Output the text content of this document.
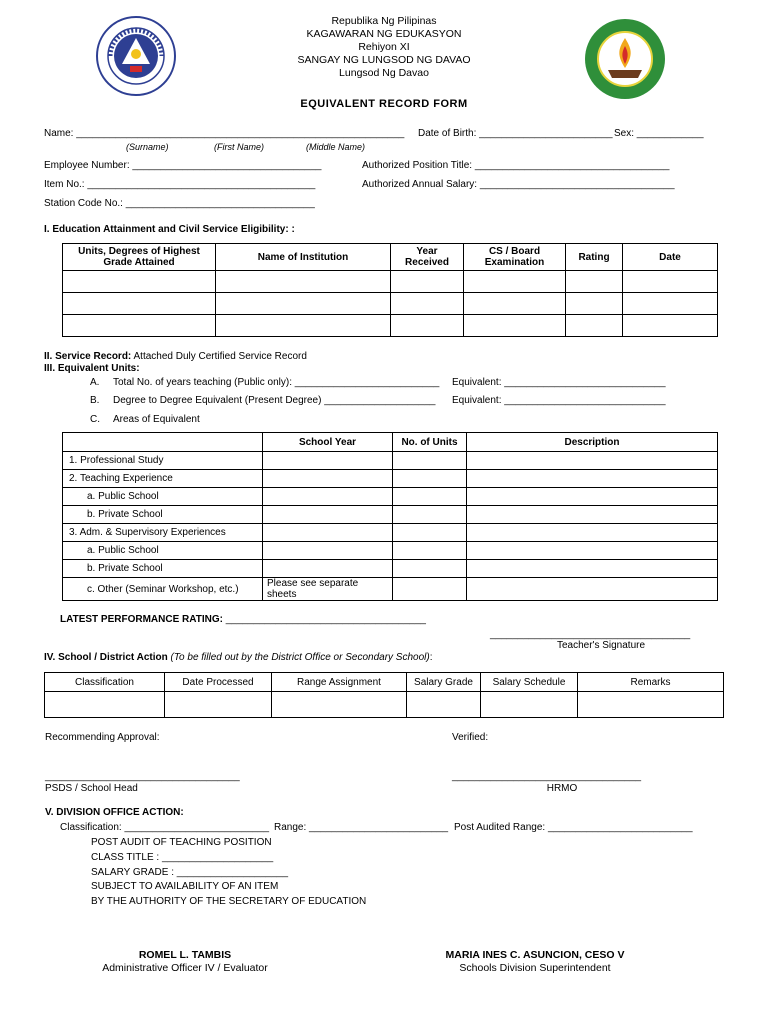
Republika Ng Pilipinas
KAGAWARAN NG EDUKASYON
Rehiyon XI
SANGAY NG LUNGSOD NG DAVAO
Lungsod Ng Davao
EQUIVALENT RECORD FORM
Name: ___________________________________________________________ Date of Birth: ________________________ Sex: ____________
(Surname)	(First Name)	(Middle Name)
Employee Number: __________________________________	Authorized Position Title: ___________________________________
Item No.: _________________________________________	Authorized Annual Salary: ___________________________________
Station Code No.: __________________________________
I. Education Attainment and Civil Service Eligibility: :
Units, Degrees of Highest Grade Attained	Name of Institution	Year Received	CS / Board Examination	Rating	Date

II. Service Record: Attached Duly Certified Service Record
III. Equivalent Units:
A. Total No. of years teaching (Public only): __________________________ Equivalent: _____________________________
B. Degree to Degree Equivalent (Present Degree) ____________________ Equivalent: _____________________________
C. Areas of Equivalent
	School Year	No. of Units	Description
1. Professional Study			
2. Teaching Experience			
a. Public School			
b. Private School			
3. Adm. & Supervisory Experiences			
a. Public School			
b. Private School			
c. Other (Seminar Workshop, etc.)	Please see separate sheets		
LATEST PERFORMANCE RATING: ____________________________________
____________________________________
Teacher's Signature
IV. School / District Action (To be filled out by the District Office or Secondary School):
Classification	Date Processed	Range Assignment	Salary Grade	Salary Schedule	Remarks

Recommending Approval:	Verified:
___________________________________	__________________________________
PSDS / School Head	HRMO
V. DIVISION OFFICE ACTION:
Classification: __________________________ Range: _________________________ Post Audited Range: __________________________
POST AUDIT OF TEACHING POSITION
CLASS TITLE : ____________________
SALARY GRADE : ____________________
SUBJECT TO AVAILABILITY OF AN ITEM
BY THE AUTHORITY OF THE SECRETARY OF EDUCATION
ROMEL L. TAMBIS
Administrative Officer IV / Evaluator
MARIA INES C. ASUNCION, CESO V
Schools Division Superintendent
